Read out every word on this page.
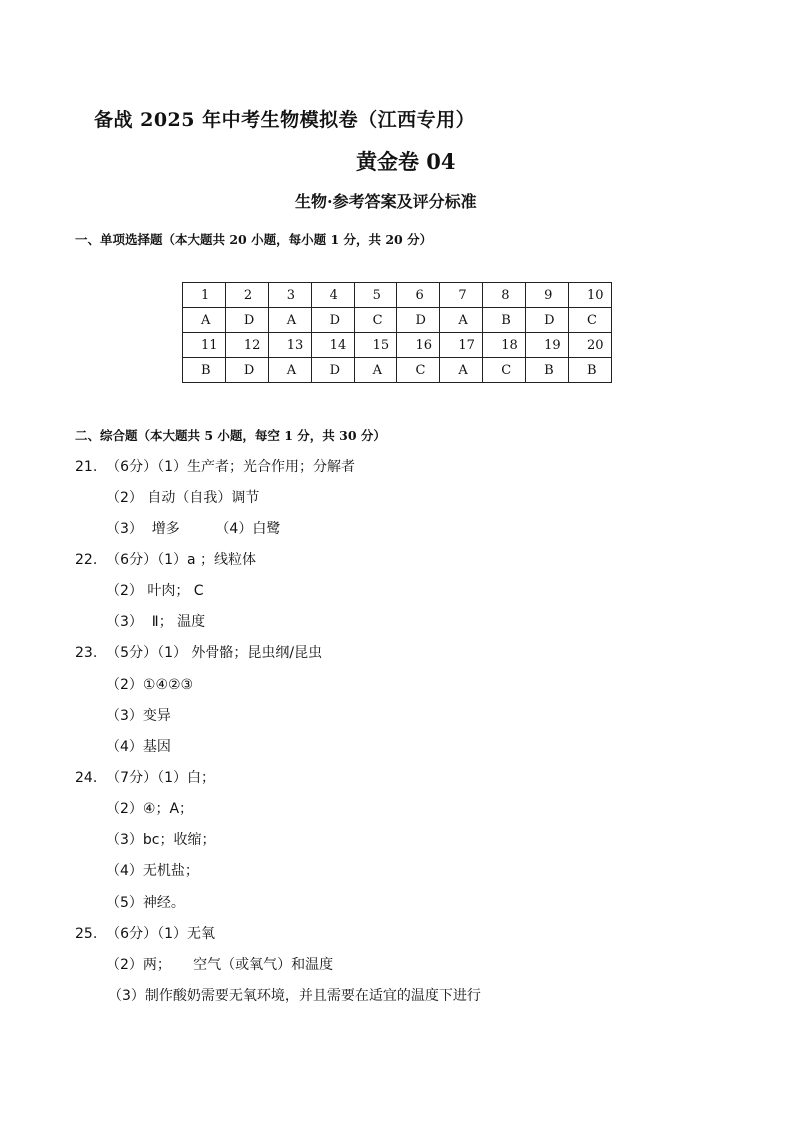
备战 2025 年中考生物模拟卷（江西专用）
黄金卷 04
生物·参考答案及评分标准
一、单项选择题（本大题共 20 小题，每小题 1 分，共 20 分）
1	2	3	4	5	6	7	8	9	10
A	D	A	D	C	D	A	B	D	C
11	12	13	14	15	16	17	18	19	20
B	D	A	D	A	C	A	C	B	B
二、综合题（本大题共 5 小题，每空 1 分，共 30 分）
21.  （6分）（1）生产者；光合作用；分解者
（2） 自动（自我）调节
（3）  增多        （4）白鹭
22.  （6分）（1）a ；线粒体
（2） 叶肉； C
（3）  Ⅱ； 温度
23.  （5分）（1） 外骨骼；昆虫纲/昆虫
（2）①④②③
（3）变异
（4）基因
24.  （7分）（1）白；
（2）④；A；
（3）bc；收缩；
（4）无机盐；
（5）神经。
25.  （6分）（1）无氧
（2）两；     空气（或氧气）和温度
（3）制作酸奶需要无氧环境，并且需要在适宜的温度下进行
